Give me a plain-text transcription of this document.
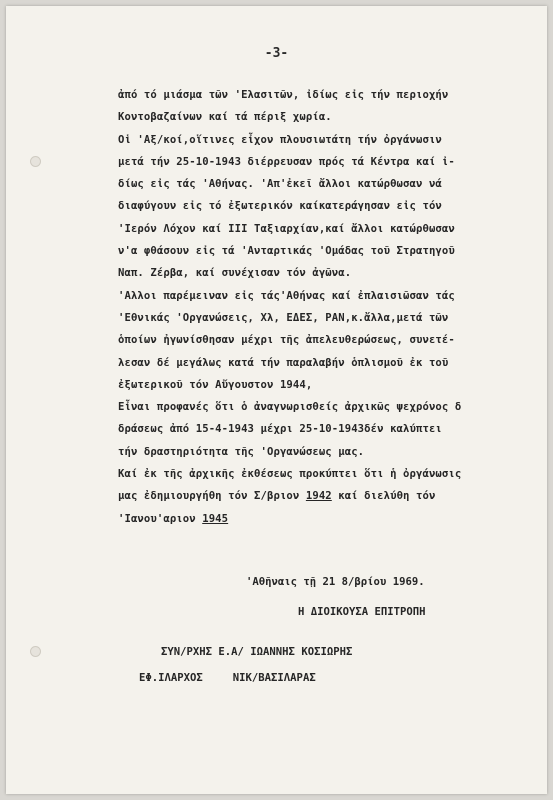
-3-
ἀπό τό μιάσμα τῶν 'Ελασιτῶν, ἰδίως εἰς τήν περιοχήν
Κοντοβαζαίνων καί τά πέριξ χωρία.
Οἱ 'Αξ/κοί,οἵτινες εἶχον πλουσιωτάτη τήν ὀργάνωσιν
μετά τήν 25-10-1943 διέρρευσαν πρός τά Κέντρα καί ἰ-
δίως εἰς τάς 'Αθήνας. 'Απ'ἐκεῖ ἄλλοι κατώρθωσαν νά
διαφύγουν εἰς τό ἐξωτερικόν καίκατεράγησαν εἰς τόν
'Ιερόν Λόχον καί III Ταξιαρχίαν,καί ἄλλοι κατώρθωσαν
ν'α φθάσουν εἰς τά 'Ανταρτικάς 'Ομάδας τοῦ Στρατηγοῦ
Ναπ. Ζέρβα, καί συνέχισαν τόν ἀγῶνα.
'Αλλοι παρέμειναν εἰς τάς'Αθήνας καί ἐπλαισιῶσαν τάς
'Εθνικάς 'Οργανώσεις, Χλ, ΕΔΕΣ, ΡΑΝ,κ.ἄλλα,μετά τῶν
ὁποίων ἠγωνίσθησαν μέχρι τῆς ἀπελευθερώσεως, συνετέ-
λεσαν δέ μεγάλως κατά τήν παραλαβήν ὁπλισμοῦ ἐκ τοῦ
ἐξωτερικοῦ τόν Αὔγουστον 1944,
Εἶναι προφανές ὅτι ὁ ἀναγνωρισθείς ἀρχικῶς ψεχρόνος δ
δράσεως ἀπό 15-4-1943 μέχρι 25-10-1943δέν καλύπτει
τήν δραστηριότητα τῆς 'Οργανώσεως μας.
Καί ἐκ τῆς ἀρχικῆς ἐκθέσεως προκύπτει ὅτι ἡ ὀργάνωσις
μας ἐδημιουργήθη τόν Σ/βριον 1942 καί διελύθη τόν
'Ιανου'αριον 1945
'Αθῆναις τῇ 21 8/βρίου 1969.
Η ΔΙΟΙΚΟΥΣΑ ΕΠΙΤΡΟΠΗ
ΣΥΝ/ΡΧΗΣ Ε.Α/ ΙΩΑΝΝΗΣ ΚΟΣΙΩΡΗΣ
ΕΦ.ΙΛΑΡΧΟΣ	ΝΙΚ/ΒΑΣΙΛΑΡΑΣ
